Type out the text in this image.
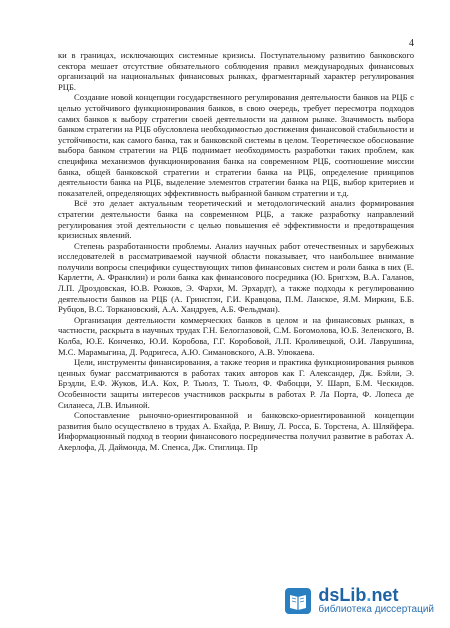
4

ки в границах, исключающих системные кризисы. Поступательному развитию банковского сектора мешает отсутствие обязательного соблюдения правил международных финансовых организаций на национальных финансовых рынках, фрагментарный характер регулирования РЦБ.

Создание новой концепции государственного регулирования деятельности банков на РЦБ с целью устойчивого функционирования банков, в свою очередь, требует пересмотра подходов самих банков к выбору стратегии своей деятельности на данном рынке. Значимость выбора банком стратегии на РЦБ обусловлена необходимостью достижения финансовой стабильности и устойчивости, как самого банка, так и банковской системы в целом. Теоретическое обоснование выбора банком стратегии на РЦБ поднимает необходимость разработки таких проблем, как специфика механизмов функционирования банка на современном РЦБ, соотношение миссии банка, общей банковской стратегии и стратегии банка на РЦБ, определение принципов деятельности банка на РЦБ, выделение элементов стратегии банка на РЦБ, выбор критериев и показателей, определяющих эффективность выбранной банком стратегии и т.д.

Всё это делает актуальным теоретический и методологический анализ формирования стратегии деятельности банка на современном РЦБ, а также разработку направлений регулирования этой деятельности с целью повышения её эффективности и предотвращения кризисных явлений.

Степень разработанности проблемы. Анализ научных работ отечественных и зарубежных исследователей в рассматриваемой научной области показывает, что наибольшее внимание получили вопросы специфики существующих типов финансовых систем и роли банка в них (Е. Карлетти, А. Франклин) и роли банка как финансового посредника (Ю. Бригхэм, В.А. Галанов, Л.П. Дроздовская, Ю.В. Рожков, Э. Фархи, М. Эрхардт), а также подходы к регулированию деятельности банков на РЦБ (А. Гринспэн, Г.И. Кравцова, П.М. Ланское, Я.М. Миркин, Б.Б. Рубцов, В.С. Торкановский, А.А. Хандруев, А.Б. Фельдман).

Организация деятельности коммерческих банков в целом и на финансовых рынках, в частности, раскрыта в научных трудах Г.Н. Белоглазовой, С.М. Богомолова, Ю.Б. Зеленского, В. Колба, Ю.Е. Конченко, Ю.И. Коробова, Г.Г. Коробовой, Л.П. Кроливецкой, О.И. Лаврушина, М.С. Марамыгина, Д. Родригеса, А.Ю. Симановского, А.В. Улюкаева.

Цели, инструменты финансирования, а также теория и практика функционирования рынков ценных бумаг рассматриваются в работах таких авторов как Г. Александер, Дж. Бэйли, Э. Брэдли, Е.Ф. Жуков, И.А. Кох, Р. Тьюлз, Т. Тьюлз, Ф. Фабоцци, У. Шарп, Б.М. Ческидов. Особенности защиты интересов участников раскрыты в работах Р. Ла Порта, Ф. Лопеса де Силанеса, Л.В. Ильиной.

Сопоставление рыночно-ориентированной и банковско-ориентированной концепции развития было осуществлено в трудах А. Бхайда, Р. Вишу, Л. Росса, Б. Торстена, А. Шляйфера. Информационный подход в теории финансового посредничества получил развитие в работах А. Акерлофа, Д. Даймонда, М. Спенса, Дж. Стиглица. Пр

dsLib.net
библиотека диссертаций
